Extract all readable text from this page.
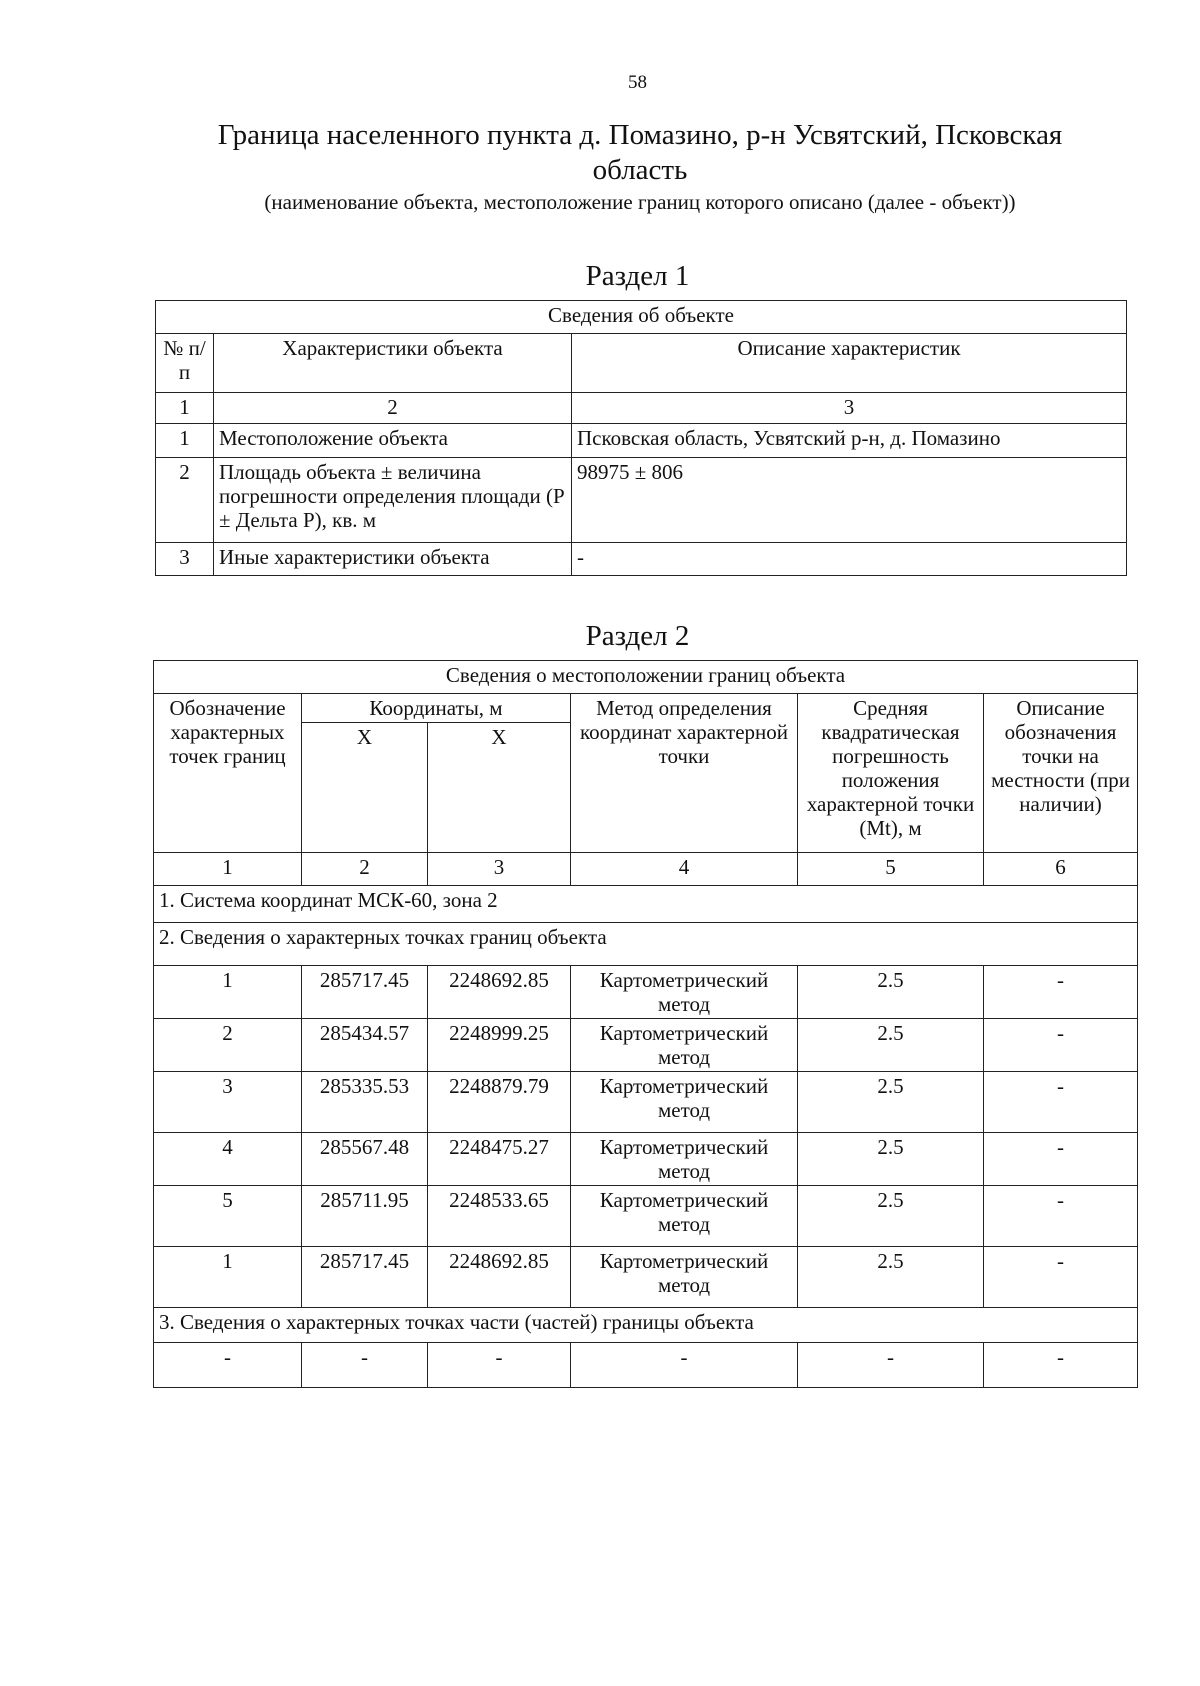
58

Граница населенного пункта д. Помазино, р-н Усвятский, Псковская область

(наименование объекта, местоположение границ которого описано (далее - объект))

Раздел 1
Сведения об объекте		
№ п/п	Характеристики объекта	Описание характеристик
1	2	3
1	Местоположение объекта	Псковская область, Усвятский р-н, д. Помазино
2	Площадь объекта ± величина погрешности определения площади (P ± Дельта P), кв. м	98975 ± 806
3	Иные характеристики объекта	-
Раздел 2
Сведения о местоположении границ объекта					
Обозначение характерных точек границ	Координаты, м		Метод определения координат характерной точки	Средняя квадратическая погрешность положения характерной точки (Mt), м	Описание обозначения точки на местности (при наличии)
	X	X			
1	2	3	4	5	6
1. Система координат МСК-60, зона 2					
2. Сведения о характерных точках границ объекта					
1	285717.45	2248692.85	Картометрический метод	2.5	-
2	285434.57	2248999.25	Картометрический метод	2.5	-
3	285335.53	2248879.79	Картометрический метод	2.5	-
4	285567.48	2248475.27	Картометрический метод	2.5	-
5	285711.95	2248533.65	Картометрический метод	2.5	-
1	285717.45	2248692.85	Картометрический метод	2.5	-
3. Сведения о характерных точках части (частей) границы объекта					
-	-	-	-	-	-
